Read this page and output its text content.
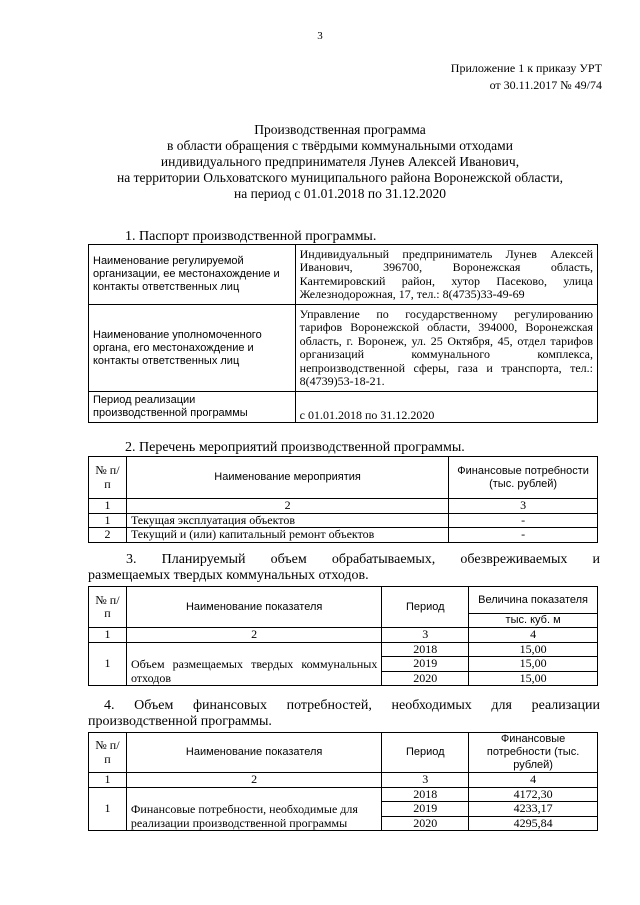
3
Приложение 1 к приказу УРТ
от 30.11.2017 № 49/74
Производственная программа
в области обращения с твёрдыми коммунальными отходами
индивидуального предпринимателя Лунев Алексей Иванович,
на территории Ольховатского муниципального района Воронежской области,
на период с 01.01.2018 по 31.12.2020
1. Паспорт производственной программы.
Наименование регулируемой организации, ее местонахождение и контакты ответственных лиц	Индивидуальный предприниматель Лунев Алексей Иванович, 396700, Воронежская область, Кантемировский район, хутор Пасеково, улица Железнодорожная, 17, тел.: 8(4735)33-49-69
Наименование уполномоченного органа, его местонахождение и контакты ответственных лиц	Управление по государственному регулированию тарифов Воронежской области, 394000, Воронежская область, г. Воронеж, ул. 25 Октября, 45, отдел тарифов организаций коммунального комплекса, непроизводственной сферы, газа и транспорта, тел.: 8(4739)53-18-21.
Период реализации производственной программы	с 01.01.2018 по 31.12.2020
2. Перечень мероприятий производственной программы.
№ п/п	Наименование мероприятия	Финансовые потребности (тыс. рублей)
1	2	3
1	Текущая эксплуатация объектов	-
2	Текущий и (или) капитальный ремонт объектов	-
3. Планируемый объем обрабатываемых, обезвреживаемых и
размещаемых твердых коммунальных отходов.
№ п/п	Наименование показателя	Период	Величина показателя
			тыс. куб. м
1	2	3	4
1	Объем размещаемых твердых коммунальных отходов	2018	15,00
		2019	15,00
		2020	15,00
4. Объем финансовых потребностей, необходимых для реализации производственной программы.
№ п/п	Наименование показателя	Период	Финансовые потребности (тыс. рублей)
1	2	3	4
1	Финансовые потребности, необходимые для реализации производственной программы	2018	4172,30
		2019	4233,17
		2020	4295,84
